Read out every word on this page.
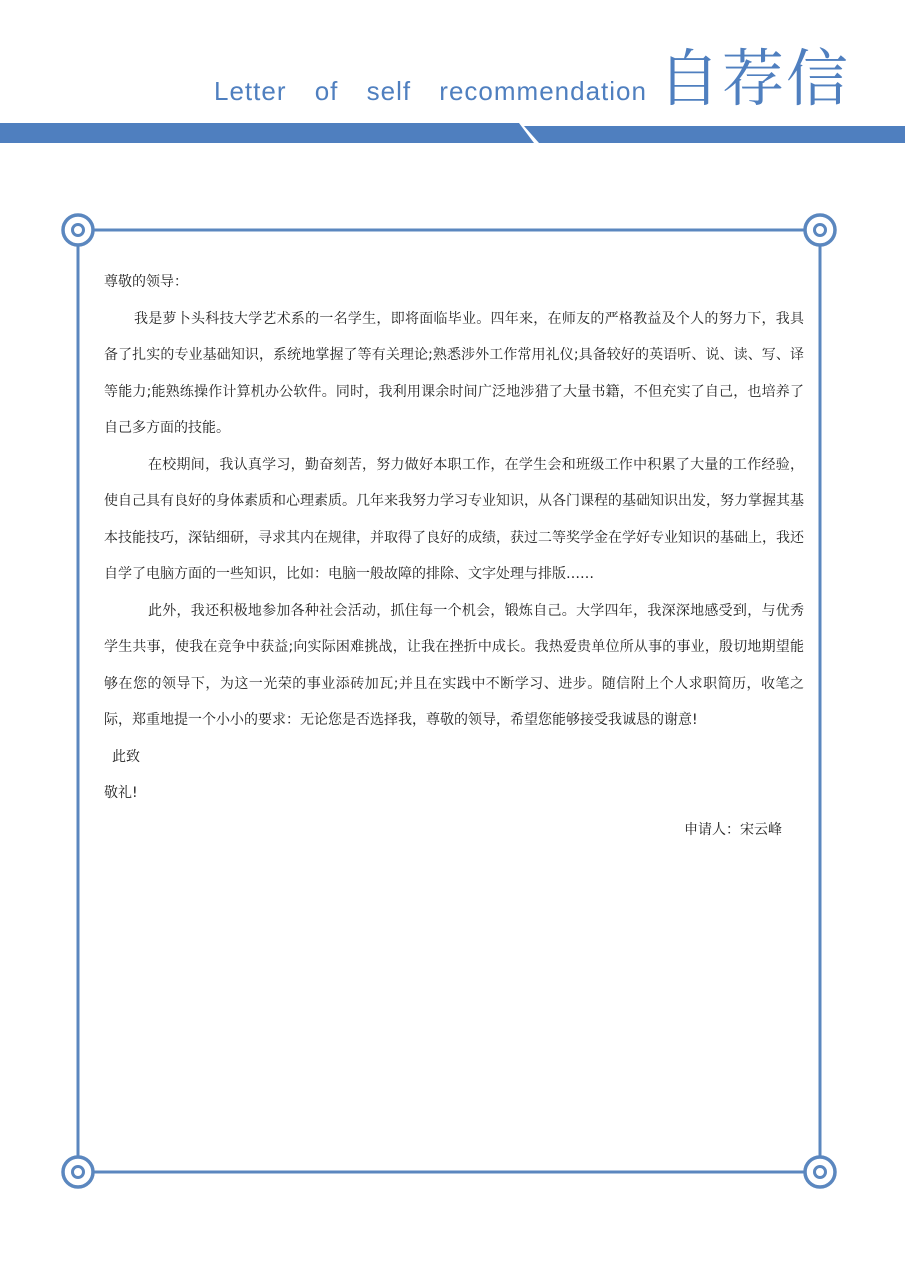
Letter of self recommendation 自荐信

尊敬的领导：

我是萝卜头科技大学艺术系的一名学生，即将面临毕业。四年来，在师友的严格教益及个人的努力下，我具备了扎实的专业基础知识，系统地掌握了等有关理论;熟悉涉外工作常用礼仪;具备较好的英语听、说、读、写、译等能力;能熟练操作计算机办公软件。同时，我利用课余时间广泛地涉猎了大量书籍，不但充实了自己，也培养了自己多方面的技能。

在校期间，我认真学习，勤奋刻苦，努力做好本职工作，在学生会和班级工作中积累了大量的工作经验，使自己具有良好的身体素质和心理素质。几年来我努力学习专业知识，从各门课程的基础知识出发，努力掌握其基本技能技巧，深钻细研，寻求其内在规律，并取得了良好的成绩，获过二等奖学金在学好专业知识的基础上，我还自学了电脑方面的一些知识，比如：电脑一般故障的排除、文字处理与排版……

此外，我还积极地参加各种社会活动，抓住每一个机会，锻炼自己。大学四年，我深深地感受到，与优秀学生共事，使我在竞争中获益;向实际困难挑战，让我在挫折中成长。我热爱贵单位所从事的事业，殷切地期望能够在您的领导下，为这一光荣的事业添砖加瓦;并且在实践中不断学习、进步。随信附上个人求职简历，收笔之际，郑重地提一个小小的要求：无论您是否选择我，尊敬的领导，希望您能够接受我诚恳的谢意!

此致

敬礼!

申请人：宋云峰
